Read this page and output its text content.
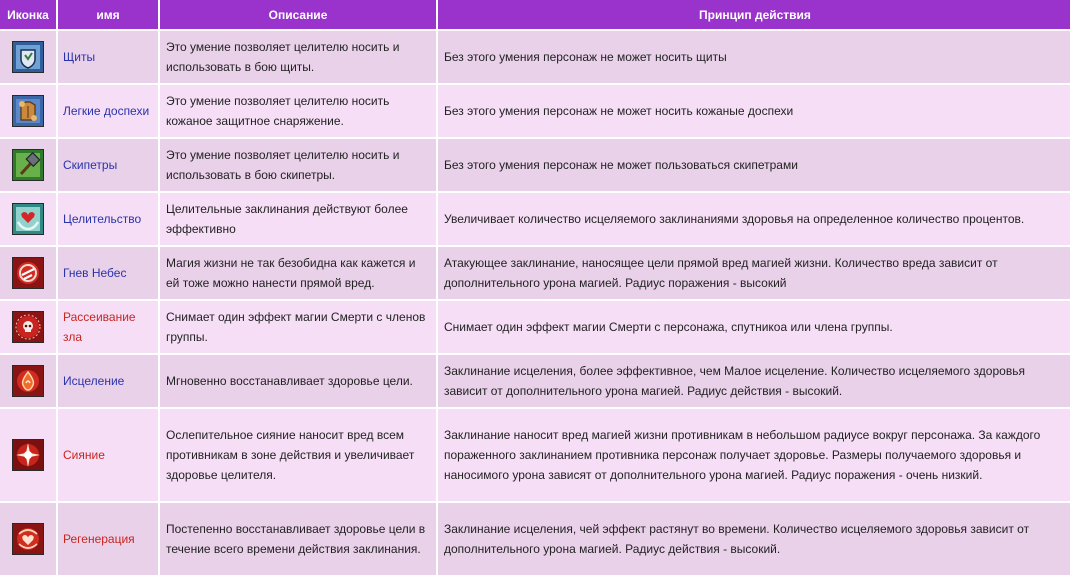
Иконка	имя	Описание	Принцип действия

	Щиты	Это умение позволяет целителю носить и использовать в бою щиты.	Без этого умения персонаж не может носить щиты

	Легкие доспехи	Это умение позволяет целителю носить кожаное защитное снаряжение.	Без этого умения персонаж не может носить кожаные доспехи

	Скипетры	Это умение позволяет целителю носить и использовать в бою скипетры.	Без этого умения персонаж не может пользоваться скипетрами

	Целительство	Целительные заклинания действуют более эффективно	Увеличивает количество исцеляемого заклинаниями здоровья на определенное количество процентов.

	Гнев Небес	Магия жизни не так безобидна как кажется и ей тоже можно нанести прямой вред.	Атакующее заклинание, наносящее цели прямой вред магией жизни. Количество вреда зависит от дополнительного урона магией. Радиус поражения - высокий

	Рассеивание зла	Снимает один эффект магии Смерти с членов группы.	Снимает один эффект магии Смерти с персонажа, спутникоа или члена группы.

	Исцеление	Мгновенно восстанавливает здоровье цели.	Заклинание исцеления, более эффективное, чем Малое исцеление. Количество исцеляемого здоровья зависит от дополнительного урона магией. Радиус действия - высокий.

	Сияние	Ослепительное сияние наносит вред всем противникам в зоне действия и увеличивает здоровье целителя.	Заклинание наносит вред магией жизни противникам в небольшом радиусе вокруг персонажа. За каждого пораженного заклинанием противника персонаж получает здоровье. Размеры получаемого здоровья и наносимого урона зависят от дополнительного урона магией. Радиус поражения - очень низкий.

	Регенерация	Постепенно восстанавливает здоровье цели в течение всего времени действия заклинания.	Заклинание исцеления, чей эффект растянут во времени. Количество исцеляемого здоровья зависит от дополнительного урона магией. Радиус действия - высокий.
